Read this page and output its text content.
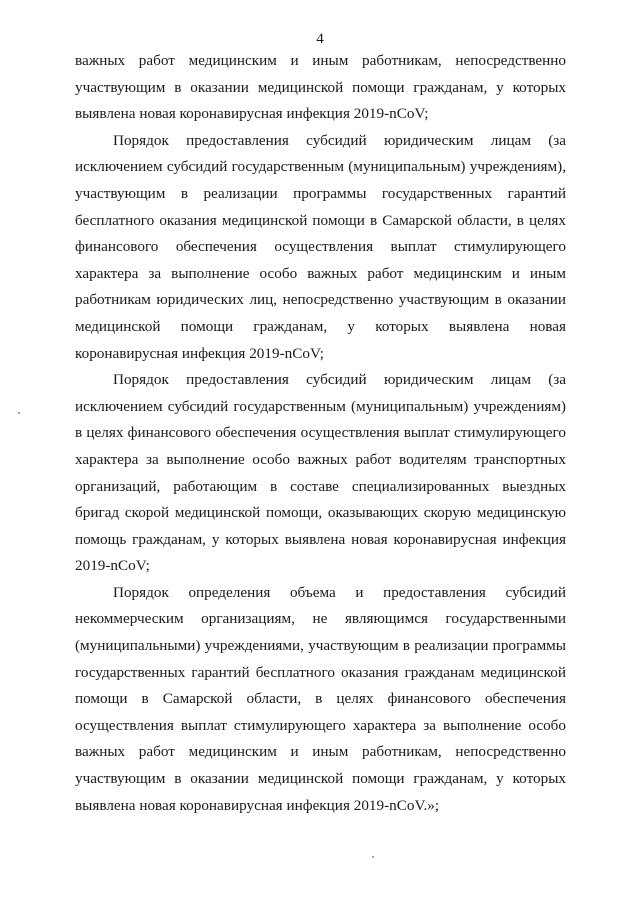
4
важных работ медицинским и иным работникам, непосредственно
участвующим в оказании медицинской помощи гражданам, у которых
выявлена новая коронавирусная инфекция 2019-nCoV;
Порядок предоставления субсидий юридическим лицам (за
исключением субсидий государственным (муниципальным) учреждениям),
участвующим в реализации программы государственных гарантий
бесплатного оказания медицинской помощи в Самарской области, в целях
финансового обеспечения осуществления выплат стимулирующего
характера за выполнение особо важных работ медицинским и иным
работникам юридических лиц, непосредственно участвующим в оказании
медицинской помощи гражданам, у которых выявлена новая
коронавирусная инфекция 2019-nCoV;
Порядок предоставления субсидий юридическим лицам (за
исключением субсидий государственным (муниципальным) учреждениям)
в целях финансового обеспечения осуществления выплат стимулирующего
характера за выполнение особо важных работ водителям транспортных
организаций, работающим в составе специализированных выездных
бригад скорой медицинской помощи, оказывающих скорую медицинскую
помощь гражданам, у которых выявлена новая коронавирусная инфекция
2019-nCoV;
Порядок определения объема и предоставления субсидий
некоммерческим организациям, не являющимся государственными
(муниципальными) учреждениями, участвующим в реализации программы
государственных гарантий бесплатного оказания гражданам медицинской
помощи в Самарской области, в целях финансового обеспечения
осуществления выплат стимулирующего характера за выполнение особо
важных работ медицинским и иным работникам, непосредственно
участвующим в оказании медицинской помощи гражданам, у которых
выявлена новая коронавирусная инфекция 2019-nCoV.»;
